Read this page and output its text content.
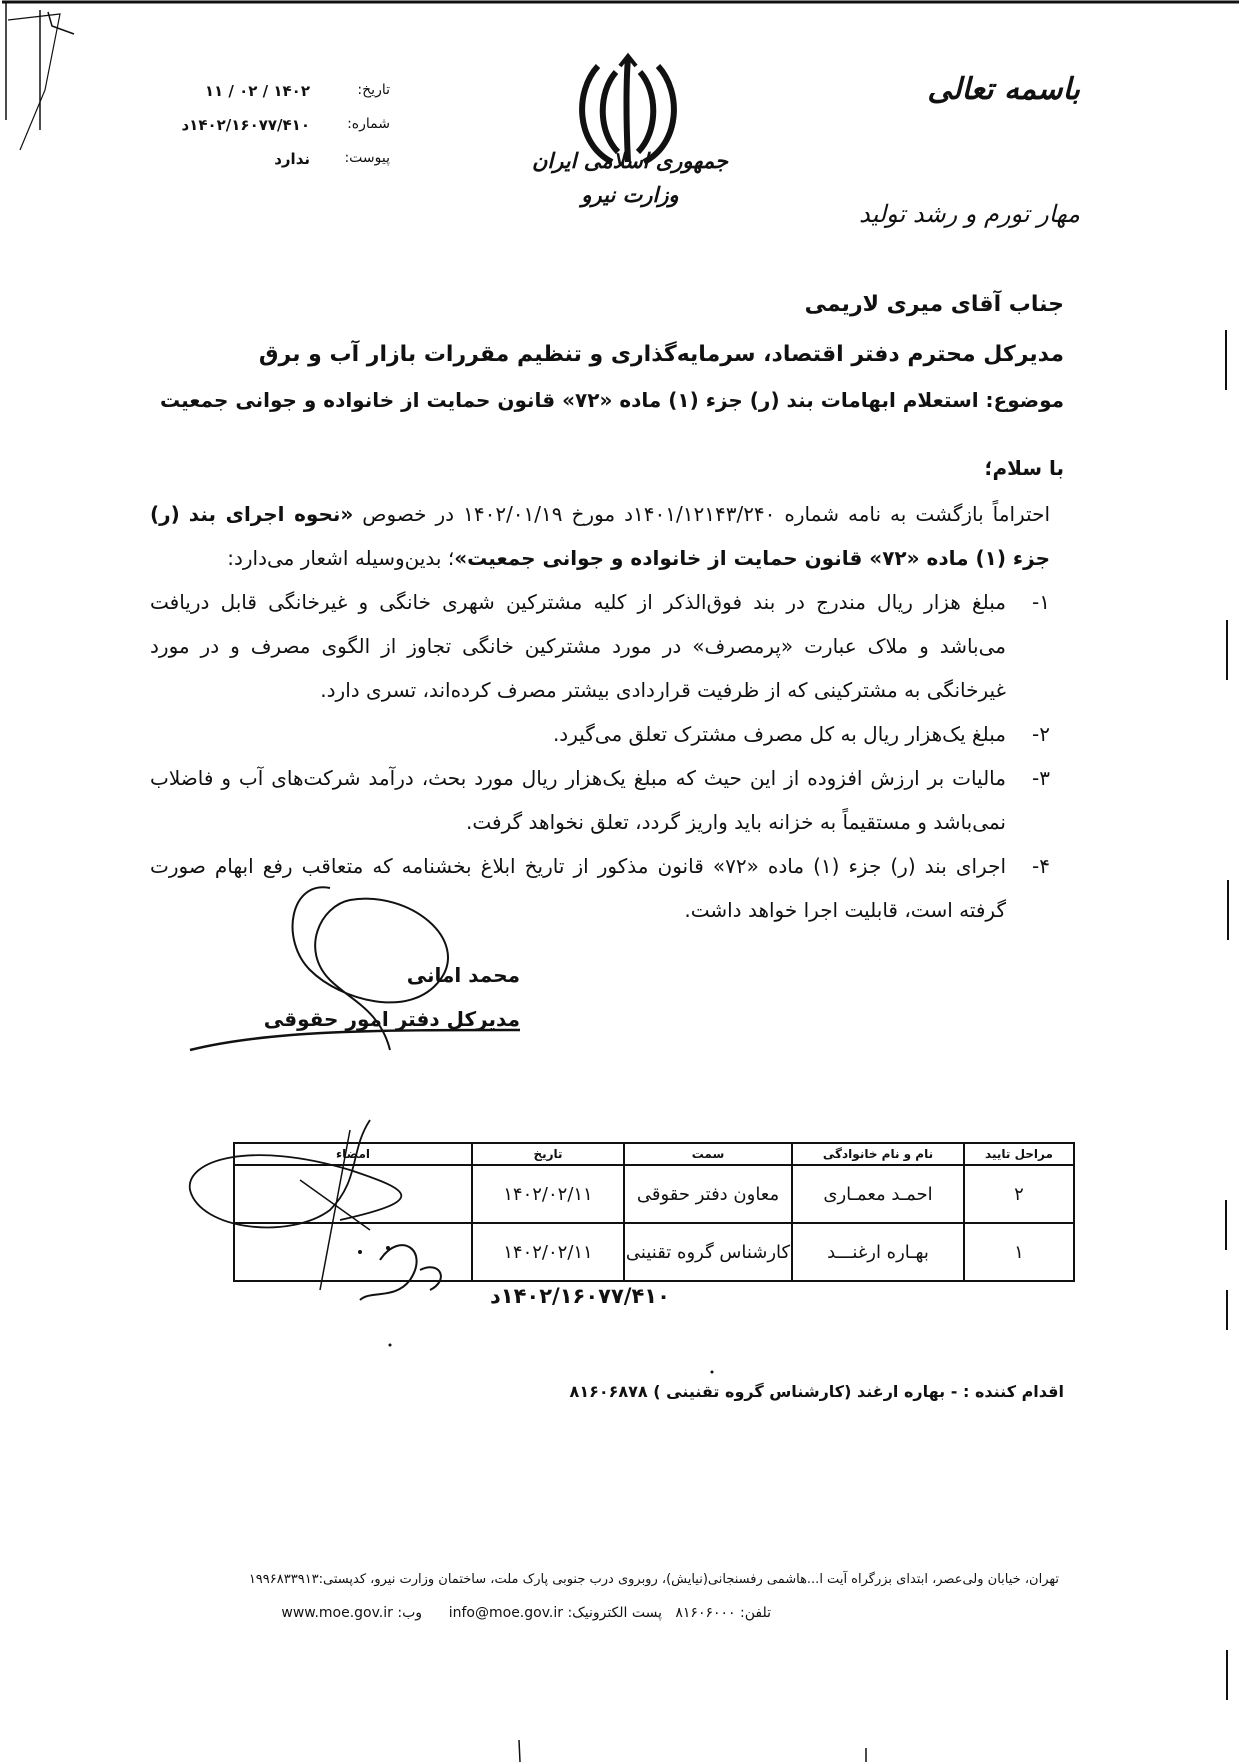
تاریخ:
۱۴۰۲ / ۰۲ / ۱۱
شماره:
۱۴۰۲/۱۶۰۷۷/۴۱۰د
پیوست:
ندارد	جمهوری اسلامی ایران
وزارت نیرو
باسمه تعالی
مهار تورم و رشد تولید
جناب آقای میری لاریمی
مدیرکل محترم دفتر اقتصاد، سرمایه‌گذاری و تنظیم مقررات بازار آب و برق
موضوع: استعلام ابهامات بند (ر) جزء (۱) ماده «۷۲» قانون حمایت از خانواده و جوانی جمعیت
با سلام؛
احتراماً بازگشت به نامه شماره ۱۴۰۱/۱۲۱۴۳/۲۴۰د مورخ ۱۴۰۲/۰۱/۱۹ در خصوص «نحوه اجرای بند (ر) جزء (۱) ماده «۷۲» قانون حمایت از خانواده و جوانی جمعیت»؛ بدین‌وسیله اشعار می‌دارد:
۱-
مبلغ هزار ریال مندرج در بند فوق‌الذکر از کلیه مشترکین شهری خانگی و غیرخانگی قابل دریافت می‌باشد و ملاک عبارت «پرمصرف» در مورد مشترکین خانگی تجاوز از الگوی مصرف و در مورد غیرخانگی به مشترکینی که از ظرفیت قراردادی بیشتر مصرف کرده‌اند، تسری دارد.
۲-
مبلغ یک‌هزار ریال به کل مصرف مشترک تعلق می‌گیرد.
۳-
مالیات بر ارزش افزوده از این حیث که مبلغ یک‌هزار ریال مورد بحث، درآمد شرکت‌های آب و فاضلاب نمی‌باشد و مستقیماً به خزانه باید واریز گردد، تعلق نخواهد گرفت.
۴-
اجرای بند (ر) جزء (۱) ماده «۷۲» قانون مذکور از تاریخ ابلاغ بخشنامه که متعاقب رفع ابهام صورت گرفته است، قابلیت اجرا خواهد داشت.
محمد امانی
مدیرکل دفتر امور حقوقی
مراحل تایید	نام و نام خانوادگی	سمت	تاریخ	امضاء
۲	احمـد معمـاری	معاون دفتر حقوقی	۱۴۰۲/۰۲/۱۱	
۱	بهـاره ارغنـــد	کارشناس گروه تقنینی	۱۴۰۲/۰۲/۱۱	
۱۴۰۲/۱۶۰۷۷/۴۱۰د
اقدام کننده : - بهاره ارغند (کارشناس گروه تقنینی ) ۸۱۶۰۶۸۷۸
تهران، خیابان ولی‌عصر، ابتدای بزرگراه آیت ا...هاشمی رفسنجانی(نیایش)، روبروی درب جنوبی پارک ملت، ساختمان وزارت نیرو، کدپستی:۱۹۹۶۸۳۳۹۱۳
تلفن: ۸۱۶۰۶۰۰۰   پست الکترونیک: info@moe.gov.ir      وب: www.moe.gov.ir
